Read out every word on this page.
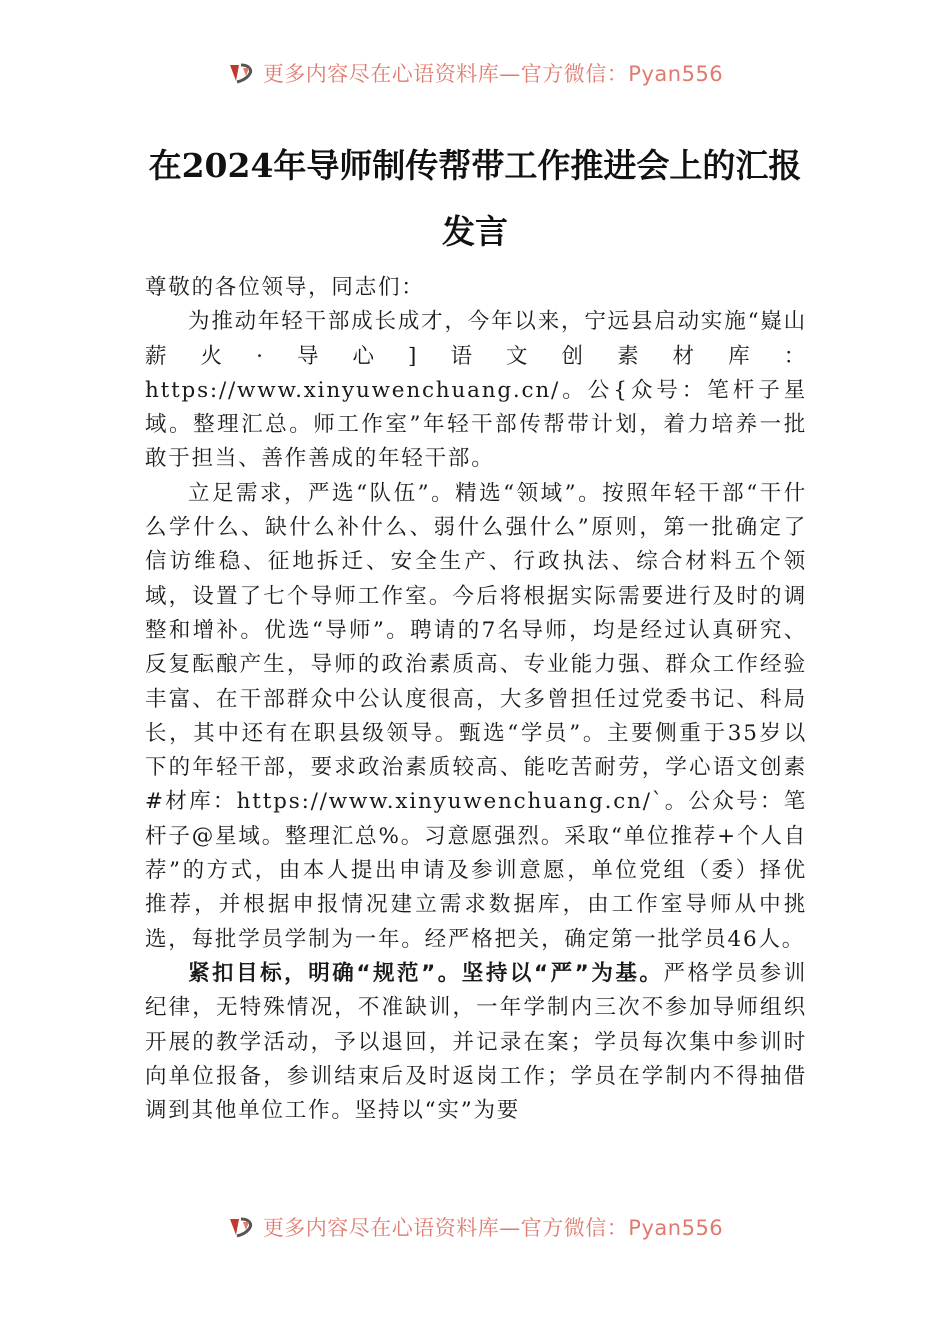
更多内容尽在心语资料库—官方微信：Pyan556
在2024年导师制传帮带工作推进会上的汇报发言

尊敬的各位领导，同志们：

为推动年轻干部成长成才，今年以来，宁远县启动实施“嶷山薪火·导心]语文创素材库：https://www.xinyuwenchuang.cn/。公{众号：笔杆子星域。整理汇总。师工作室”年轻干部传帮带计划，着力培养一批敢于担当、善作善成的年轻干部。

立足需求，严选“队伍”。精选“领域”。按照年轻干部“干什么学什么、缺什么补什么、弱什么强什么”原则，第一批确定了信访维稳、征地拆迁、安全生产、行政执法、综合材料五个领域，设置了七个导师工作室。今后将根据实际需要进行及时的调整和增补。优选“导师”。聘请的7名导师，均是经过认真研究、反复酝酿产生，导师的政治素质高、专业能力强、群众工作经验丰富、在干部群众中公认度很高，大多曾担任过党委书记、科局长，其中还有在职县级领导。甄选“学员”。主要侧重于35岁以下的年轻干部，要求政治素质较高、能吃苦耐劳，学心语文创素#材库：https://www.xinyuwenchuang.cn/`。公众号：笔杆子@星域。整理汇总%。习意愿强烈。采取“单位推荐+个人自荐”的方式，由本人提出申请及参训意愿，单位党组（委）择优推荐，并根据申报情况建立需求数据库，由工作室导师从中挑选，每批学员学制为一年。经严格把关，确定第一批学员46人。

紧扣目标，明确“规范”。坚持以“严”为基。严格学员参训纪律，无特殊情况，不准缺训，一年学制内三次不参加导师组织开展的教学活动，予以退回，并记录在案；学员每次集中参训时向单位报备，参训结束后及时返岗工作；学员在学制内不得抽借调到其他单位工作。坚持以“实”为要

更多内容尽在心语资料库—官方微信：Pyan556
